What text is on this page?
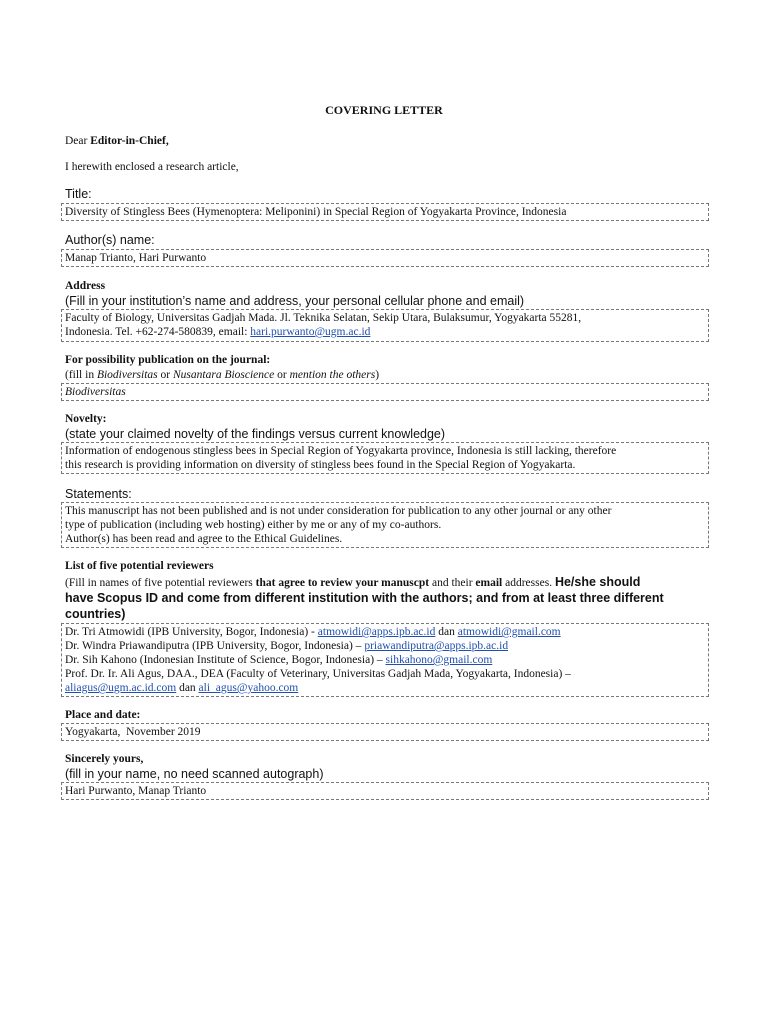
COVERING LETTER
Dear Editor-in-Chief,
I herewith enclosed a research article,
Title:
Diversity of Stingless Bees (Hymenoptera: Meliponini) in Special Region of Yogyakarta Province, Indonesia
Author(s) name:
Manap Trianto, Hari Purwanto
Address
(Fill in your institution’s name and address, your personal cellular phone and email)
Faculty of Biology, Universitas Gadjah Mada. Jl. Teknika Selatan, Sekip Utara, Bulaksumur, Yogyakarta 55281,
Indonesia. Tel. +62-274-580839, email: hari.purwanto@ugm.ac.id
For possibility publication on the journal:
(fill in Biodiversitas or Nusantara Bioscience or mention the others)
Biodiversitas
Novelty:
(state your claimed novelty of the findings versus current knowledge)
Information of endogenous stingless bees in Special Region of Yogyakarta province, Indonesia is still lacking, therefore
this research is providing information on diversity of stingless bees found in the Special Region of Yogyakarta.
Statements:
This manuscript has not been published and is not under consideration for publication to any other journal or any other
type of publication (including web hosting) either by me or any of my co-authors.
Author(s) has been read and agree to the Ethical Guidelines.
List of five potential reviewers
(Fill in names of five potential reviewers that agree to review your manuscpt and their email addresses. He/she should
have Scopus ID and come from different institution with the authors; and from at least three different
countries)
Dr. Tri Atmowidi (IPB University, Bogor, Indonesia) - atmowidi@apps.ipb.ac.id dan atmowidi@gmail.com
Dr. Windra Priawandiputra (IPB University, Bogor, Indonesia) – priawandiputra@apps.ipb.ac.id
Dr. Sih Kahono (Indonesian Institute of Science, Bogor, Indonesia) – sihkahono@gmail.com
Prof. Dr. Ir. Ali Agus, DAA., DEA (Faculty of Veterinary, Universitas Gadjah Mada, Yogyakarta, Indonesia) –
aliagus@ugm.ac.id.com dan ali_agus@yahoo.com
Place and date:
Yogyakarta,  November 2019
Sincerely yours,
(fill in your name, no need scanned autograph)
Hari Purwanto, Manap Trianto
